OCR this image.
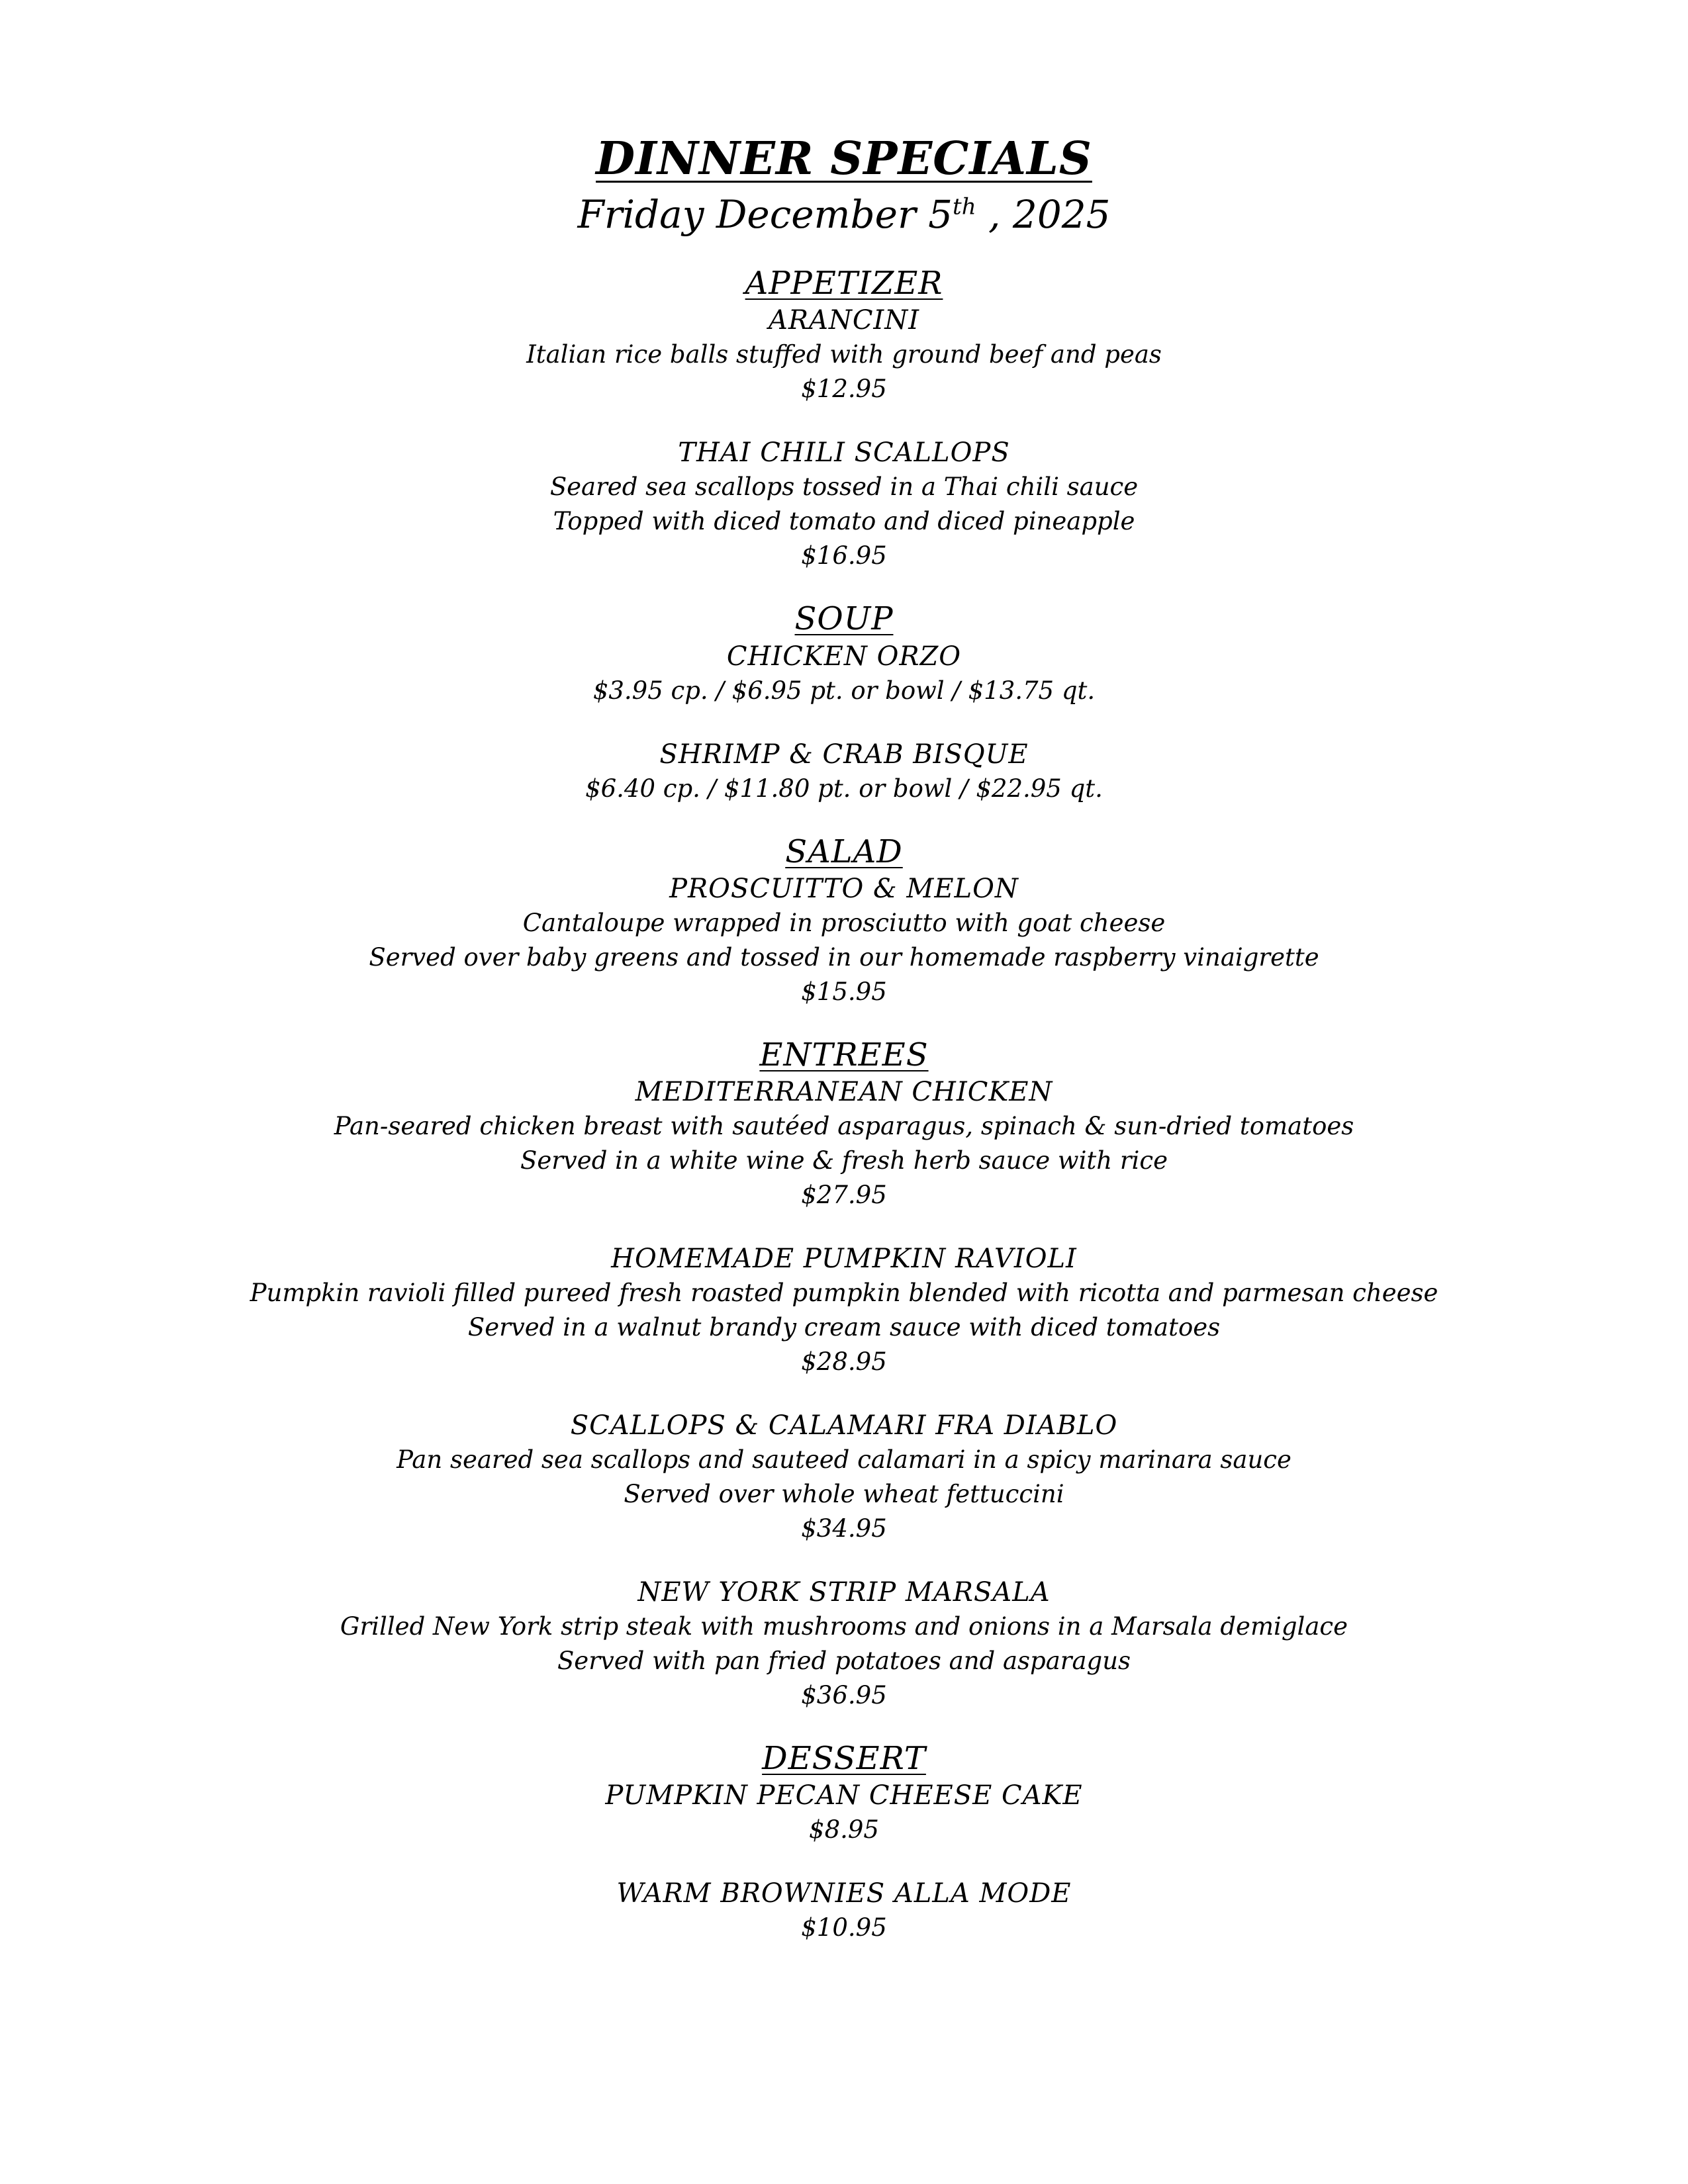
DINNER SPECIALS
Friday December 5th , 2025
APPETIZER
ARANCINI
Italian rice balls stuffed with ground beef and peas
$12.95
THAI CHILI SCALLOPS
Seared sea scallops tossed in a Thai chili sauce
Topped with diced tomato and diced pineapple
$16.95
SOUP
CHICKEN ORZO
$3.95 cp. / $6.95 pt. or bowl / $13.75 qt.
SHRIMP & CRAB BISQUE
$6.40 cp. / $11.80 pt. or bowl / $22.95 qt.
SALAD
PROSCUITTO & MELON
Cantaloupe wrapped in prosciutto with goat cheese
Served over baby greens and tossed in our homemade raspberry vinaigrette
$15.95
ENTREES
MEDITERRANEAN CHICKEN
Pan-seared chicken breast with sautéed asparagus, spinach & sun-dried tomatoes
Served in a white wine & fresh herb sauce with rice
$27.95
HOMEMADE PUMPKIN RAVIOLI
Pumpkin ravioli filled pureed fresh roasted pumpkin blended with ricotta and parmesan cheese
Served in a walnut brandy cream sauce with diced tomatoes
$28.95
SCALLOPS & CALAMARI FRA DIABLO
Pan seared sea scallops and sauteed calamari in a spicy marinara sauce
Served over whole wheat fettuccini
$34.95
NEW YORK STRIP MARSALA
Grilled New York strip steak with mushrooms and onions in a Marsala demiglace
Served with pan fried potatoes and asparagus
$36.95
DESSERT
PUMPKIN PECAN CHEESE CAKE
$8.95
WARM BROWNIES ALLA MODE
$10.95
